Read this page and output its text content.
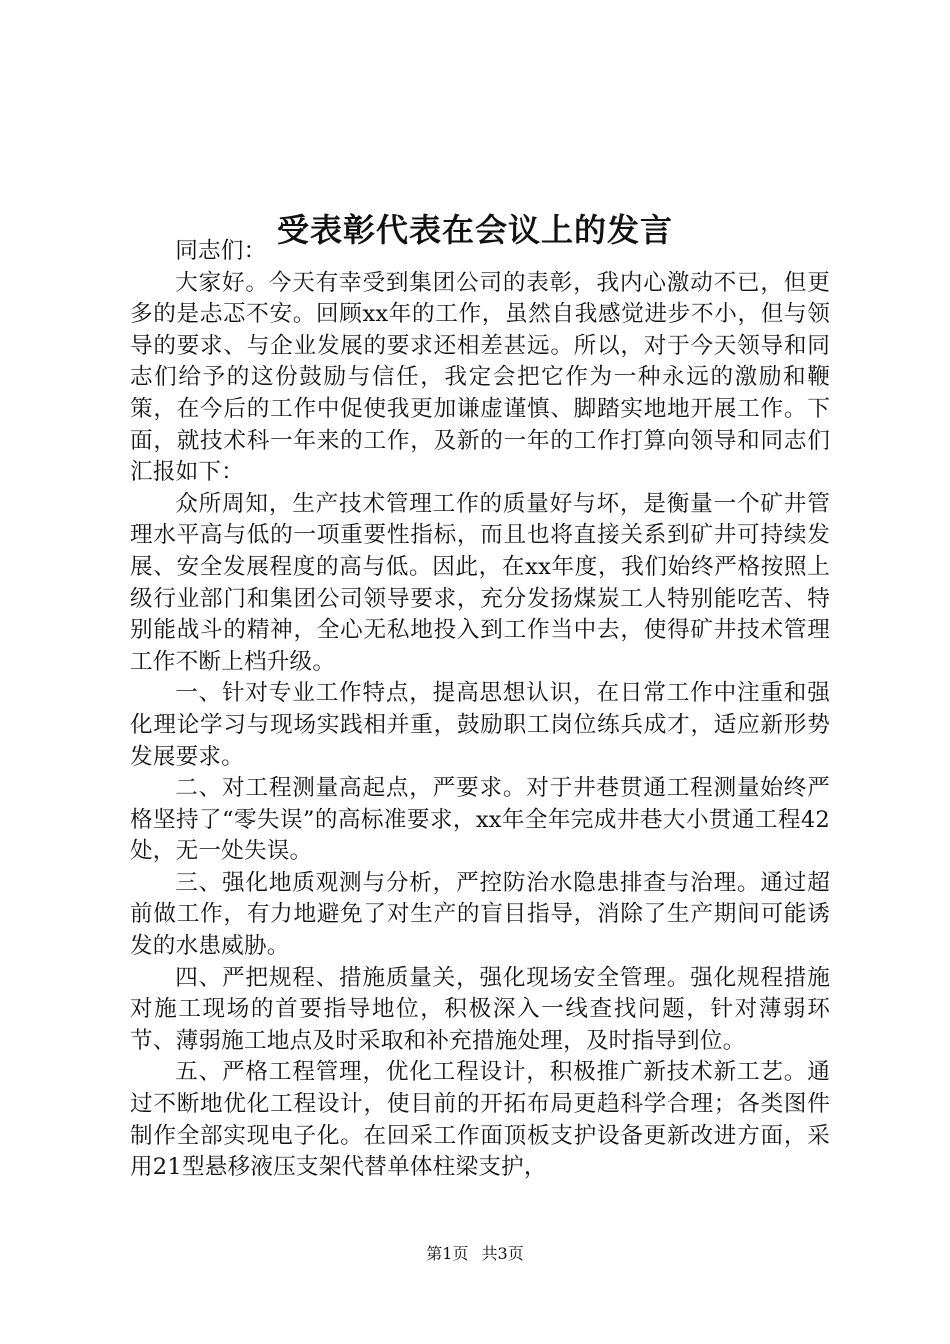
受表彰代表在会议上的发言

同志们：

大家好。今天有幸受到集团公司的表彰，我内心激动不已，但更多的是忐忑不安。回顾xx年的工作，虽然自我感觉进步不小，但与领导的要求、与企业发展的要求还相差甚远。所以，对于今天领导和同志们给予的这份鼓励与信任，我定会把它作为一种永远的激励和鞭策，在今后的工作中促使我更加谦虚谨慎、脚踏实地地开展工作。下面，就技术科一年来的工作，及新的一年的工作打算向领导和同志们汇报如下：

众所周知，生产技术管理工作的质量好与坏，是衡量一个矿井管理水平高与低的一项重要性指标，而且也将直接关系到矿井可持续发展、安全发展程度的高与低。因此，在xx年度，我们始终严格按照上级行业部门和集团公司领导要求，充分发扬煤炭工人特别能吃苦、特别能战斗的精神，全心无私地投入到工作当中去，使得矿井技术管理工作不断上档升级。

一、针对专业工作特点，提高思想认识，在日常工作中注重和强化理论学习与现场实践相并重，鼓励职工岗位练兵成才，适应新形势发展要求。

二、对工程测量高起点，严要求。对于井巷贯通工程测量始终严格坚持了“零失误”的高标准要求，xx年全年完成井巷大小贯通工程42处，无一处失误。

三、强化地质观测与分析，严控防治水隐患排查与治理。通过超前做工作，有力地避免了对生产的盲目指导，消除了生产期间可能诱发的水患威胁。

四、严把规程、措施质量关，强化现场安全管理。强化规程措施对施工现场的首要指导地位，积极深入一线查找问题，针对薄弱环节、薄弱施工地点及时采取和补充措施处理，及时指导到位。

五、严格工程管理，优化工程设计，积极推广新技术新工艺。通过不断地优化工程设计，使目前的开拓布局更趋科学合理；各类图件制作全部实现电子化。在回采工作面顶板支护设备更新改进方面，采用21型悬移液压支架代替单体柱梁支护，

第1页 共3页
